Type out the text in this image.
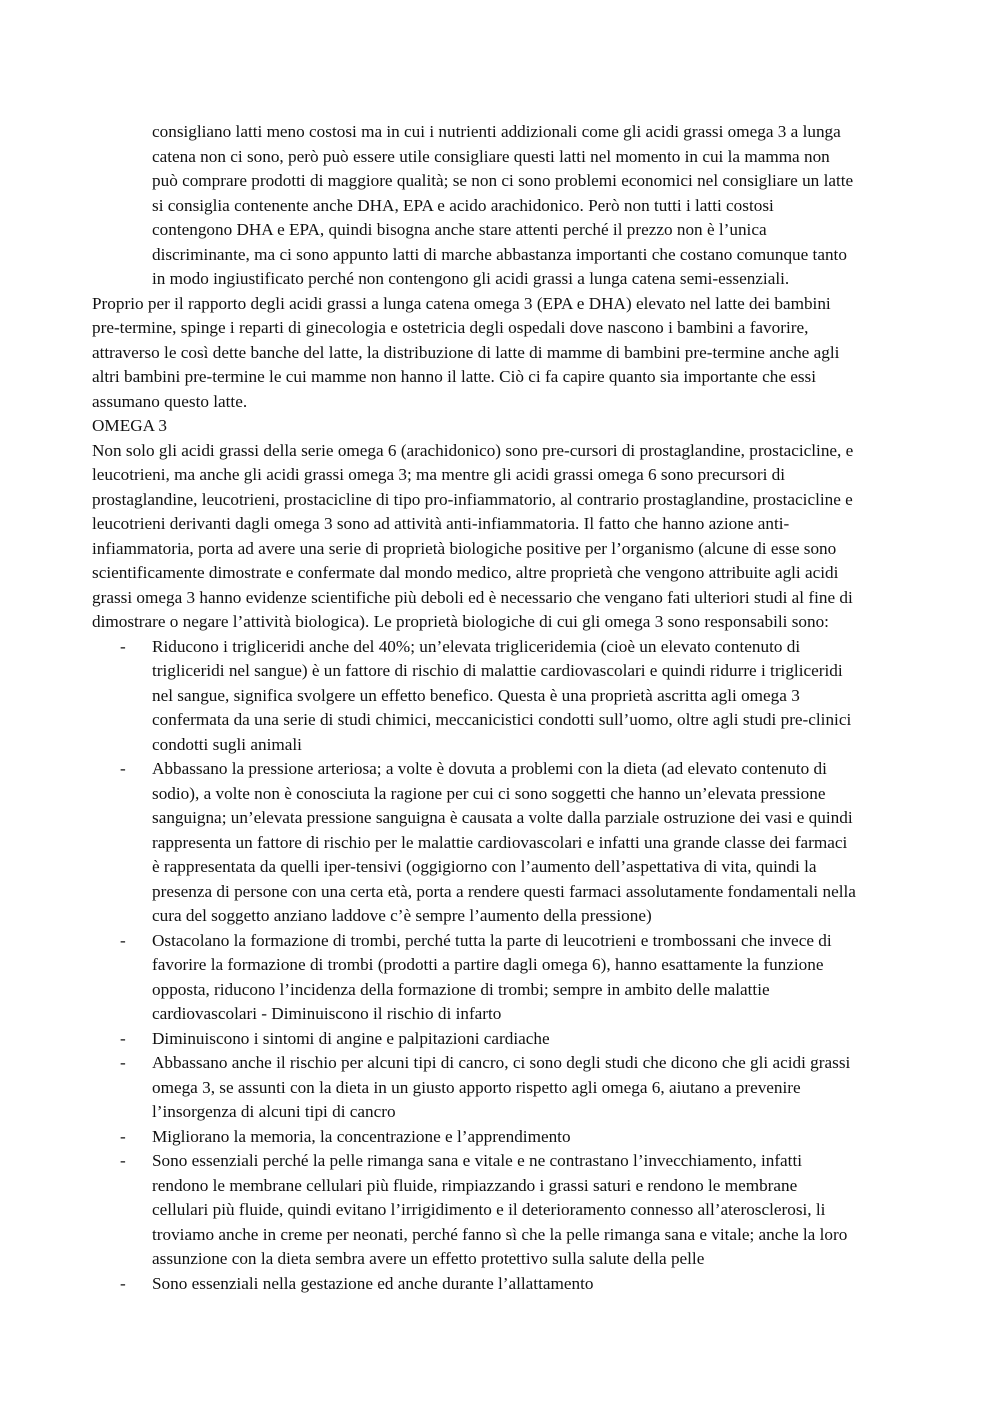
consigliano latti meno costosi ma in cui i nutrienti addizionali come gli acidi grassi omega 3 a lunga
catena non ci sono, però può essere utile consigliare questi latti nel momento in cui la mamma non
può comprare prodotti di maggiore qualità; se non ci sono problemi economici nel consigliare un latte
si consiglia contenente anche DHA, EPA e acido arachidonico. Però non tutti i latti costosi
contengono DHA e EPA, quindi bisogna anche stare attenti perché il prezzo non è l’unica
discriminante, ma ci sono appunto latti di marche abbastanza importanti che costano comunque tanto
in modo ingiustificato perché non contengono gli acidi grassi a lunga catena semi-essenziali.
Proprio per il rapporto degli acidi grassi a lunga catena omega 3 (EPA e DHA) elevato nel latte dei bambini
pre-termine, spinge i reparti di ginecologia e ostetricia degli ospedali dove nascono i bambini a favorire,
attraverso le così dette banche del latte, la distribuzione di latte di mamme di bambini pre-termine anche agli
altri bambini pre-termine le cui mamme non hanno il latte. Ciò ci fa capire quanto sia importante che essi
assumano questo latte.
OMEGA 3
Non solo gli acidi grassi della serie omega 6 (arachidonico) sono pre-cursori di prostaglandine, prostacicline, e
leucotrieni, ma anche gli acidi grassi omega 3; ma mentre gli acidi grassi omega 6 sono precursori di
prostaglandine, leucotrieni, prostacicline di tipo pro-infiammatorio, al contrario prostaglandine, prostacicline e
leucotrieni derivanti dagli omega 3 sono ad attività anti-infiammatoria. Il fatto che hanno azione anti-
infiammatoria, porta ad avere una serie di proprietà biologiche positive per l’organismo (alcune di esse sono
scientificamente dimostrate e confermate dal mondo medico, altre proprietà che vengono attribuite agli acidi
grassi omega 3 hanno evidenze scientifiche più deboli ed è necessario che vengano fati ulteriori studi al fine di
dimostrare o negare l’attività biologica). Le proprietà biologiche di cui gli omega 3 sono responsabili sono:
- Riducono i trigliceridi anche del 40%; un’elevata trigliceridemia (cioè un elevato contenuto di
trigliceridi nel sangue) è un fattore di rischio di malattie cardiovascolari e quindi ridurre i trigliceridi
nel sangue, significa svolgere un effetto benefico. Questa è una proprietà ascritta agli omega 3
confermata da una serie di studi chimici, meccanicistici condotti sull’uomo, oltre agli studi pre-clinici
condotti sugli animali
- Abbassano la pressione arteriosa; a volte è dovuta a problemi con la dieta (ad elevato contenuto di
sodio), a volte non è conosciuta la ragione per cui ci sono soggetti che hanno un’elevata pressione
sanguigna; un’elevata pressione sanguigna è causata a volte dalla parziale ostruzione dei vasi e quindi
rappresenta un fattore di rischio per le malattie cardiovascolari e infatti una grande classe dei farmaci
è rappresentata da quelli iper-tensivi (oggigiorno con l’aumento dell’aspettativa di vita, quindi la
presenza di persone con una certa età, porta a rendere questi farmaci assolutamente fondamentali nella
cura del soggetto anziano laddove c’è sempre l’aumento della pressione)
- Ostacolano la formazione di trombi, perché tutta la parte di leucotrieni e trombossani che invece di
favorire la formazione di trombi (prodotti a partire dagli omega 6), hanno esattamente la funzione
opposta, riducono l’incidenza della formazione di trombi; sempre in ambito delle malattie
cardiovascolari - Diminuiscono il rischio di infarto
- Diminuiscono i sintomi di angine e palpitazioni cardiache
- Abbassano anche il rischio per alcuni tipi di cancro, ci sono degli studi che dicono che gli acidi grassi
omega 3, se assunti con la dieta in un giusto apporto rispetto agli omega 6, aiutano a prevenire
l’insorgenza di alcuni tipi di cancro
- Migliorano la memoria, la concentrazione e l’apprendimento
- Sono essenziali perché la pelle rimanga sana e vitale e ne contrastano l’invecchiamento, infatti
rendono le membrane cellulari più fluide, rimpiazzando i grassi saturi e rendono le membrane
cellulari più fluide, quindi evitano l’irrigidimento e il deterioramento connesso all’aterosclerosi, li
troviamo anche in creme per neonati, perché fanno sì che la pelle rimanga sana e vitale; anche la loro
assunzione con la dieta sembra avere un effetto protettivo sulla salute della pelle
- Sono essenziali nella gestazione ed anche durante l’allattamento
